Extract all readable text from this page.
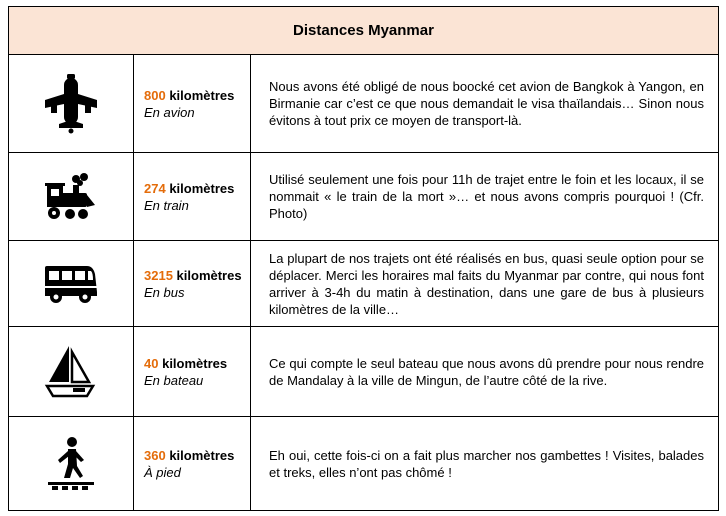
Distances Myanmar
800 kilomètres
En avion

Nous avons été obligé de nous boocké cet avion de Bangkok à Yangon, en Birmanie car c’est ce que nous demandait le visa thaïlandais… Sinon nous évitons à tout prix ce moyen de transport-là.

274 kilomètres
En train

Utilisé seulement une fois pour 11h de trajet entre le foin et les locaux, il se nommait « le train de la mort »… et nous avons compris pourquoi ! (Cfr. Photo)

3215 kilomètres
En bus

La plupart de nos trajets ont été réalisés en bus, quasi seule option pour se déplacer. Merci les horaires mal faits du Myanmar par contre, qui nous font arriver à 3-4h du matin à destination, dans une gare de bus à plusieurs kilomètres de la ville…

40 kilomètres
En bateau

Ce qui compte le seul bateau que nous avons dû prendre pour nous rendre de Mandalay à la ville de Mingun, de l’autre côté de la rive.

360 kilomètres
À pied

Eh oui, cette fois-ci on a fait plus marcher nos gambettes ! Visites, balades et treks, elles n’ont pas chômé !
